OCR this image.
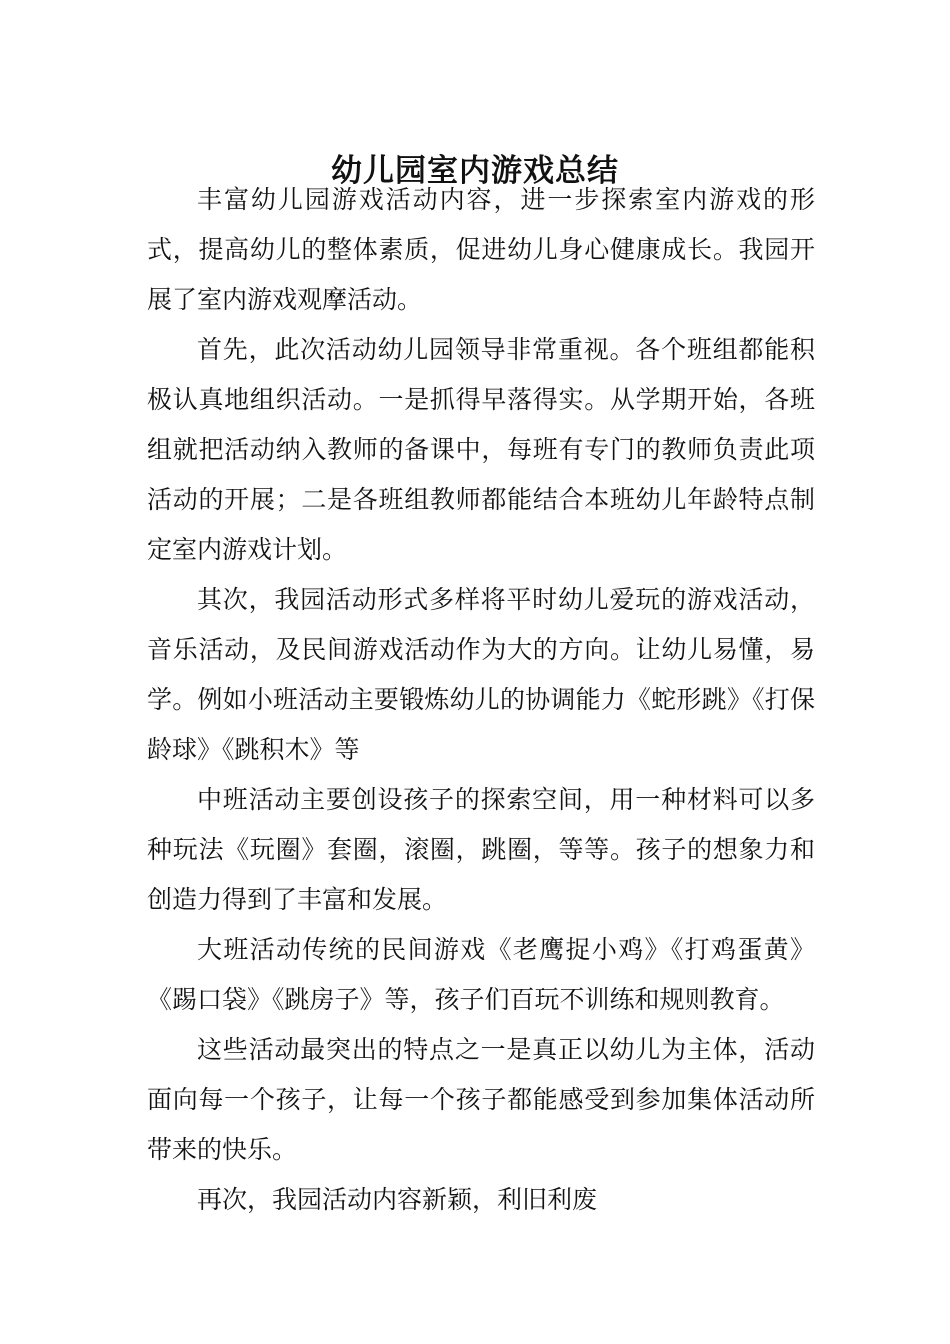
幼儿园室内游戏总结

丰富幼儿园游戏活动内容，进一步探索室内游戏的形式，提高幼儿的整体素质，促进幼儿身心健康成长。我园开展了室内游戏观摩活动。

首先，此次活动幼儿园领导非常重视。各个班组都能积极认真地组织活动。一是抓得早落得实。从学期开始，各班组就把活动纳入教师的备课中，每班有专门的教师负责此项活动的开展；二是各班组教师都能结合本班幼儿年龄特点制定室内游戏计划。

其次，我园活动形式多样将平时幼儿爱玩的游戏活动，音乐活动，及民间游戏活动作为大的方向。让幼儿易懂，易学。例如小班活动主要锻炼幼儿的协调能力《蛇形跳》《打保龄球》《跳积木》等

中班活动主要创设孩子的探索空间，用一种材料可以多种玩法《玩圈》套圈，滚圈，跳圈，等等。孩子的想象力和创造力得到了丰富和发展。

大班活动传统的民间游戏《老鹰捉小鸡》《打鸡蛋黄》《踢口袋》《跳房子》等，孩子们百玩不训练和规则教育。

这些活动最突出的特点之一是真正以幼儿为主体，活动面向每一个孩子，让每一个孩子都能感受到参加集体活动所带来的快乐。

再次，我园活动内容新颖，利旧利废
